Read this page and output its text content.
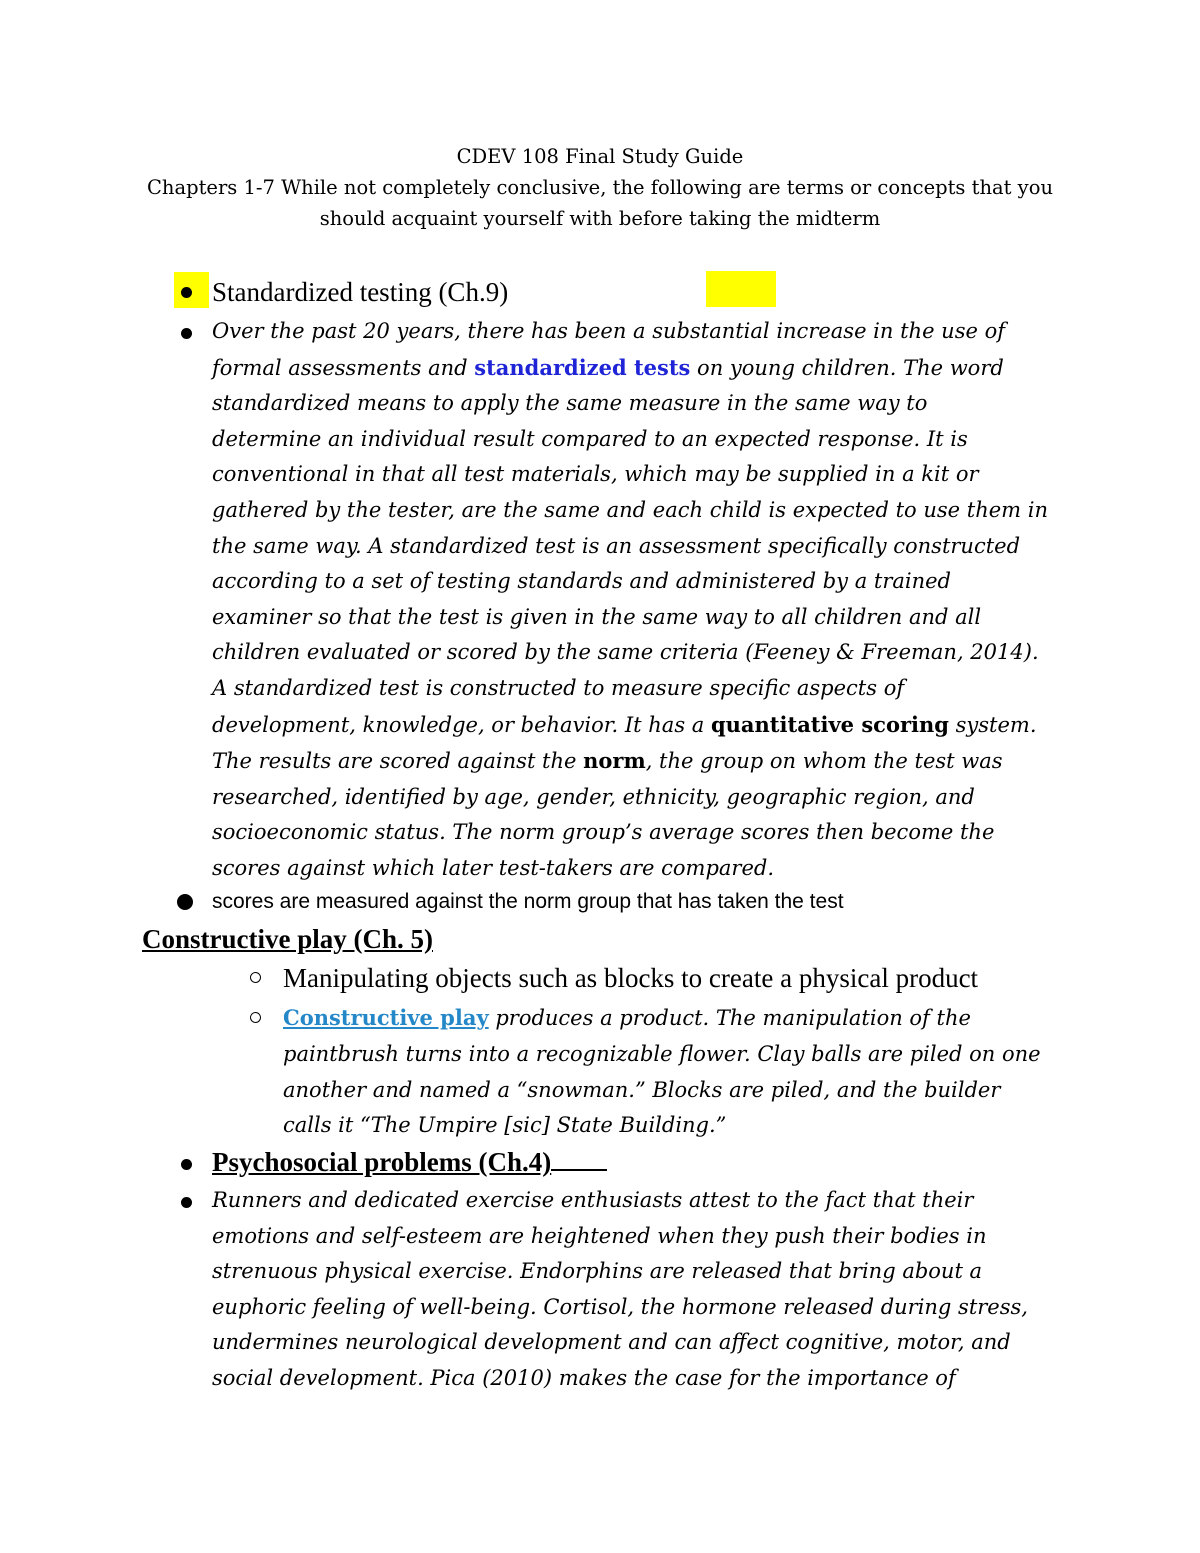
CDEV 108 Final Study Guide
Chapters 1-7 While not completely conclusive, the following are terms or concepts that you
should acquaint yourself with before taking the midterm
Standardized testing (Ch.9)
Over the past 20 years, there has been a substantial increase in the use of
formal assessments and standardized tests on young children. The word
standardized means to apply the same measure in the same way to
determine an individual result compared to an expected response. It is
conventional in that all test materials, which may be supplied in a kit or
gathered by the tester, are the same and each child is expected to use them in
the same way. A standardized test is an assessment specifically constructed
according to a set of testing standards and administered by a trained
examiner so that the test is given in the same way to all children and all
children evaluated or scored by the same criteria (Feeney & Freeman, 2014).
A standardized test is constructed to measure specific aspects of
development, knowledge, or behavior. It has a quantitative scoring system.
The results are scored against the norm, the group on whom the test was
researched, identified by age, gender, ethnicity, geographic region, and
socioeconomic status. The norm group’s average scores then become the
scores against which later test-takers are compared.
scores are measured against the norm group that has taken the test
Constructive play (Ch. 5)
Manipulating objects such as blocks to create a physical product
Constructive play produces a product. The manipulation of the
paintbrush turns into a recognizable flower. Clay balls are piled on one
another and named a “snowman.” Blocks are piled, and the builder
calls it “The Umpire [sic] State Building.”
Psychosocial problems (Ch.4)
Runners and dedicated exercise enthusiasts attest to the fact that their
emotions and self-esteem are heightened when they push their bodies in
strenuous physical exercise. Endorphins are released that bring about a
euphoric feeling of well-being. Cortisol, the hormone released during stress,
undermines neurological development and can affect cognitive, motor, and
social development. Pica (2010) makes the case for the importance of
